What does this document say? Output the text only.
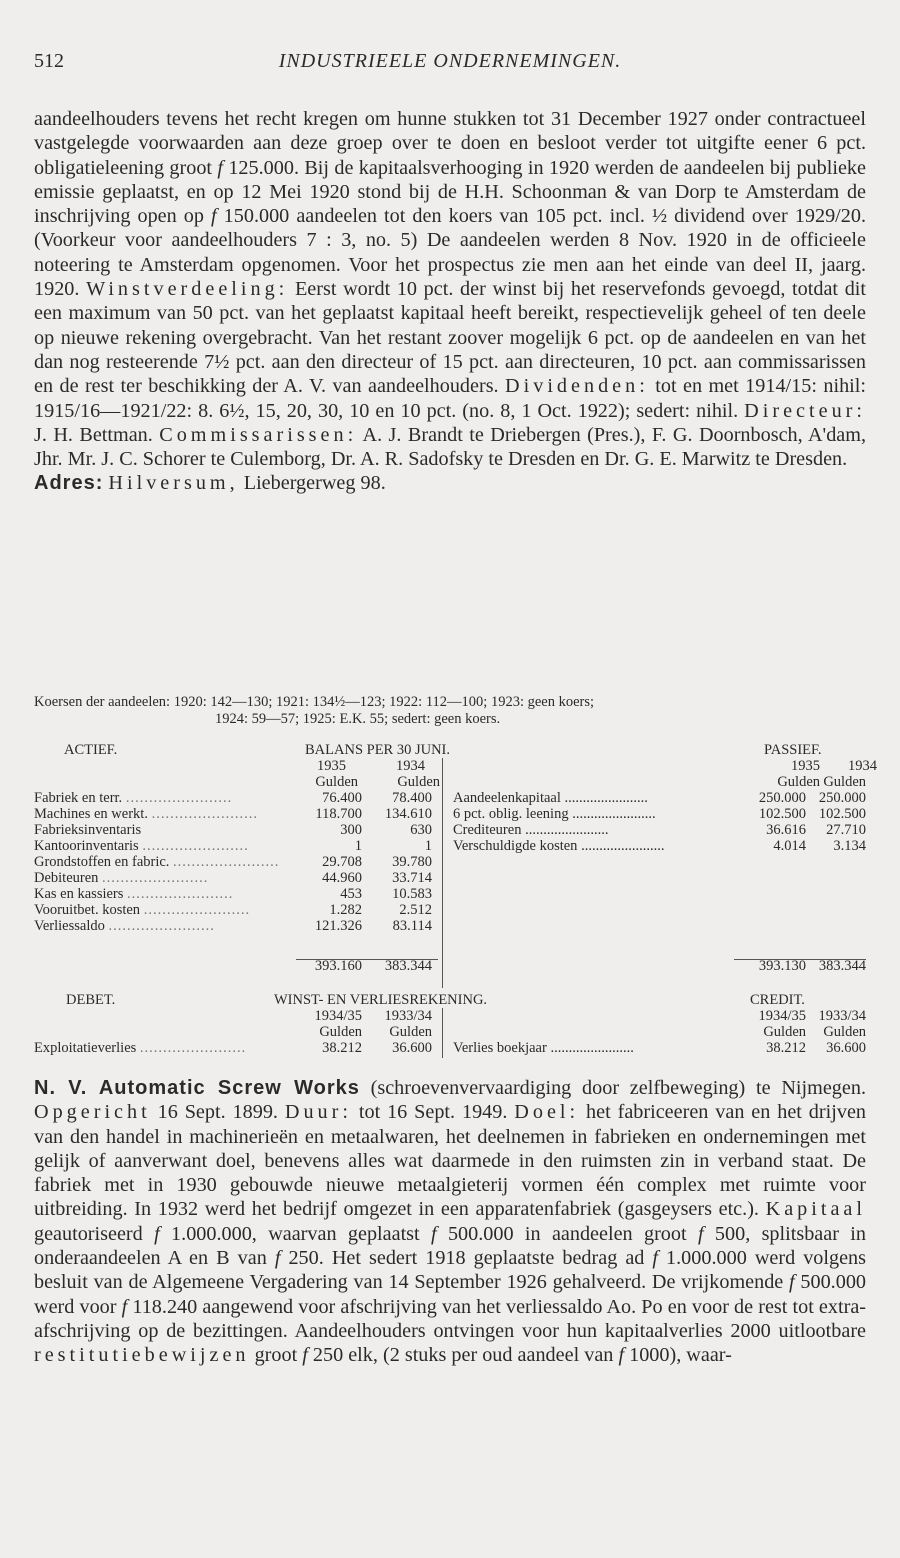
512	INDUSTRIEELE ONDERNEMINGEN.

aandeelhouders tevens het recht kregen om hunne stukken tot 31 December 1927 onder contractueel vastgelegde voorwaarden aan deze groep over te doen en besloot verder tot uitgifte eener 6 pct. obligatieleening groot f 125.000. Bij de kapitaalsverhooging in 1920 werden de aandeelen bij publieke emissie geplaatst, en op 12 Mei 1920 stond bij de H.H. Schoonman & van Dorp te Amsterdam de inschrijving open op f 150.000 aandeelen tot den koers van 105 pct. incl. ½ dividend over 1929/20. (Voorkeur voor aandeelhouders 7 : 3, no. 5) De aandeelen werden 8 Nov. 1920 in de officieele noteering te Amsterdam opgenomen. Voor het prospectus zie men aan het einde van deel II, jaarg. 1920. Winstverdeeling: Eerst wordt 10 pct. der winst bij het reservefonds gevoegd, totdat dit een maximum van 50 pct. van het geplaatst kapitaal heeft bereikt, respectievelijk geheel of ten deele op nieuwe rekening overgebracht. Van het restant zoover mogelijk 6 pct. op de aandeelen en van het dan nog resteerende 7½ pct. aan den directeur of 15 pct. aan directeuren, 10 pct. aan commissarissen en de rest ter beschikking der A. V. van aandeelhouders. Dividenden: tot en met 1914/15: nihil: 1915/16—1921/22: 8. 6½, 15, 20, 30, 10 en 10 pct. (no. 8, 1 Oct. 1922); sedert: nihil. Directeur: J. H. Bettman. Commissarissen: A. J. Brandt te Driebergen (Pres.), F. G. Doornbosch, A'dam, Jhr. Mr. J. C. Schorer te Culemborg, Dr. A. R. Sadofsky te Dresden en Dr. G. E. Marwitz te Dresden.
Adres: Hilversum, Liebergerweg 98.

Koersen der aandeelen: 1920: 142—130; 1921: 134½—123; 1922: 112—100; 1923: geen koers;
1924: 59—57; 1925: E.K. 55; sedert: geen koers.
ACTIEF.	BALANS PER 30 JUNI.	PASSIEF.
1935	1934	1935	1934
Gulden	Gulden	Gulden Gulden
Fabriek en terr. .......................	76.400	78.400 Aandeelenkapitaal .......................	250.000 250.000
Machines en werkt. .......................	118.700	134.610 6 pct. oblig. leening .......................	102.500 102.500
Fabrieksinventaris	300	630 Crediteuren .......................	36.616	27.710
Kantoorinventaris .......................	1	1 Verschuldigde kosten .......................	4.014	3.134
Grondstoffen en fabric. .......................	29.708	39.780
Debiteuren .......................	44.960	33.714
Kas en kassiers .......................	453	10.583
Vooruitbet. kosten .......................	1.282	2.512
Verliessaldo .......................	121.326	83.114
393.160	383.344	393.130 383.344
DEBET.	WINST- EN VERLIESREKENING.	CREDIT.
1934/35	1933/34	1934/35 1933/34
Gulden	Gulden	Gulden	Gulden
Exploitatieverlies .......................	38.212	36.600 Verlies boekjaar .......................	38.212	36.600

N. V. Automatic Screw Works (schroevenvervaardiging door zelfbeweging) te Nijmegen. Opgericht 16 Sept. 1899. Duur: tot 16 Sept. 1949. Doel: het fabriceeren van en het drijven van den handel in machinerieën en metaalwaren, het deelnemen in fabrieken en ondernemingen met gelijk of aanverwant doel, benevens alles wat daarmede in den ruimsten zin in verband staat. De fabriek met in 1930 gebouwde nieuwe metaalgieterij vormen één complex met ruimte voor uitbreiding. In 1932 werd het bedrijf omgezet in een apparatenfabriek (gasgeysers etc.). Kapitaal geautoriseerd f 1.000.000, waarvan geplaatst f 500.000 in aandeelen groot f 500, splitsbaar in onderaandeelen A en B van f 250. Het sedert 1918 geplaatste bedrag ad f 1.000.000 werd volgens besluit van de Algemeene Vergadering van 14 September 1926 gehalveerd. De vrijkomende f 500.000 werd voor f 118.240 aangewend voor afschrijving van het verliessaldo Ao. Po en voor de rest tot extra-afschrijving op de bezittingen. Aandeelhouders ontvingen voor hun kapitaalverlies 2000 uitlootbare restitutiebewijzen groot f 250 elk, (2 stuks per oud aandeel van f 1000), waar-
